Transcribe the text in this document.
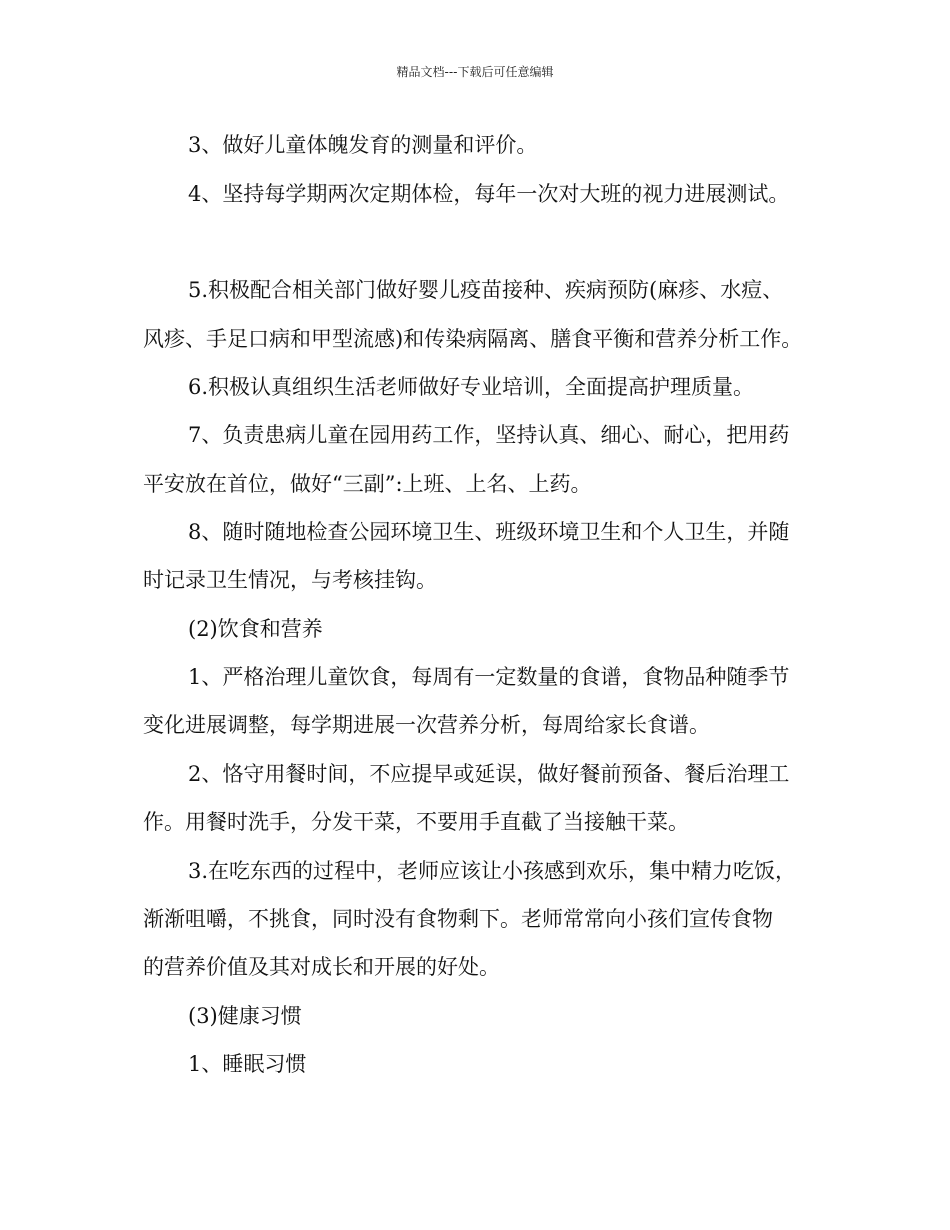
精品文档---下载后可任意编辑
3、做好儿童体魄发育的测量和评价。
4、坚持每学期两次定期体检，每年一次对大班的视力进展测试。
5.积极配合相关部门做好婴儿疫苗接种、疾病预防(麻疹、水痘、
风疹、手足口病和甲型流感)和传染病隔离、膳食平衡和营养分析工作。
6.积极认真组织生活老师做好专业培训，全面提高护理质量。
7、负责患病儿童在园用药工作，坚持认真、细心、耐心，把用药
平安放在首位，做好“三副”:上班、上名、上药。
8、随时随地检查公园环境卫生、班级环境卫生和个人卫生，并随
时记录卫生情况，与考核挂钩。
(2)饮食和营养
1、严格治理儿童饮食，每周有一定数量的食谱，食物品种随季节
变化进展调整，每学期进展一次营养分析，每周给家长食谱。
2、恪守用餐时间，不应提早或延误，做好餐前预备、餐后治理工
作。用餐时洗手，分发干菜，不要用手直截了当接触干菜。
3.在吃东西的过程中，老师应该让小孩感到欢乐，集中精力吃饭，
渐渐咀嚼，不挑食，同时没有食物剩下。老师常常向小孩们宣传食物
的营养价值及其对成长和开展的好处。
(3)健康习惯
1、睡眠习惯
